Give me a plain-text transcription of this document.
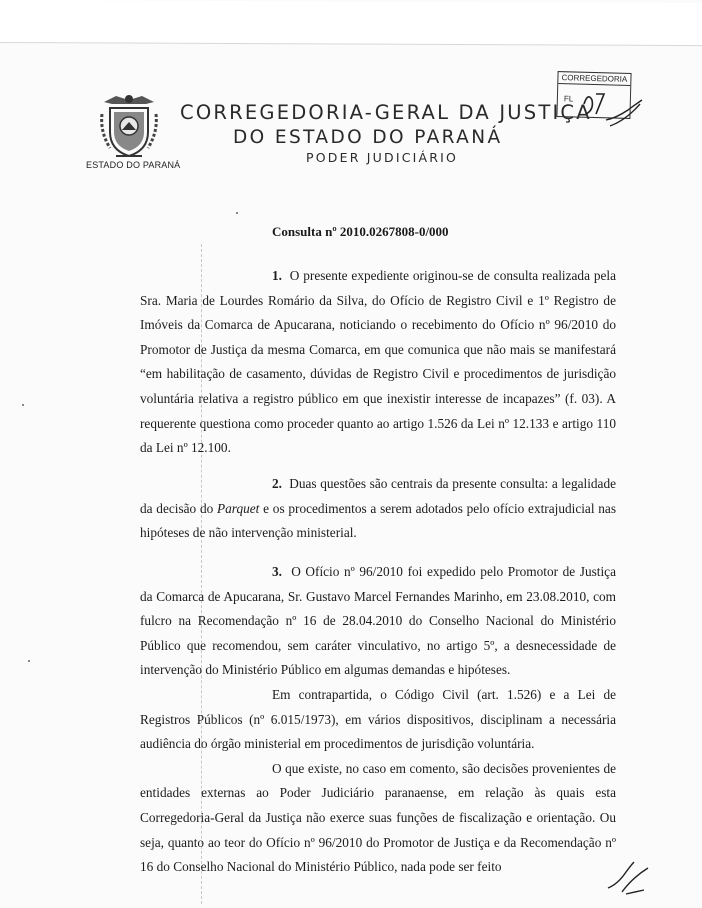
ESTADO DO PARANÁ
CORREGEDORIA-GERAL DA JUSTIÇA
DO ESTADO DO PARANÁ
PODER JUDICIÁRIO
CORREGEDORIA
FL
Consulta nº 2010.0267808-0/000

1. O presente expediente originou-se de consulta realizada pela Sra. Maria de Lourdes Romário da Silva, do Ofício de Registro Civil e 1º Registro de Imóveis da Comarca de Apucarana, noticiando o recebimento do Ofício nº 96/2010 do Promotor de Justiça da mesma Comarca, em que comunica que não mais se manifestará “em habilitação de casamento, dúvidas de Registro Civil e procedimentos de jurisdição voluntária relativa a registro público em que inexistir interesse de incapazes” (f. 03). A requerente questiona como proceder quanto ao artigo 1.526 da Lei nº 12.133 e artigo 110 da Lei nº 12.100.

2. Duas questões são centrais da presente consulta: a legalidade da decisão do Parquet e os procedimentos a serem adotados pelo ofício extrajudicial nas hipóteses de não intervenção ministerial.

3. O Ofício nº 96/2010 foi expedido pelo Promotor de Justiça da Comarca de Apucarana, Sr. Gustavo Marcel Fernandes Marinho, em 23.08.2010, com fulcro na Recomendação nº 16 de 28.04.2010 do Conselho Nacional do Ministério Público que recomendou, sem caráter vinculativo, no artigo 5º, a desnecessidade de intervenção do Ministério Público em algumas demandas e hipóteses.

Em contrapartida, o Código Civil (art. 1.526) e a Lei de Registros Públicos (nº 6.015/1973), em vários dispositivos, disciplinam a necessária audiência do órgão ministerial em procedimentos de jurisdição voluntária.

O que existe, no caso em comento, são decisões provenientes de entidades externas ao Poder Judiciário paranaense, em relação às quais esta Corregedoria-Geral da Justiça não exerce suas funções de fiscalização e orientação. Ou seja, quanto ao teor do Ofício nº 96/2010 do Promotor de Justiça e da Recomendação nº 16 do Conselho Nacional do Ministério Público, nada pode ser feito
